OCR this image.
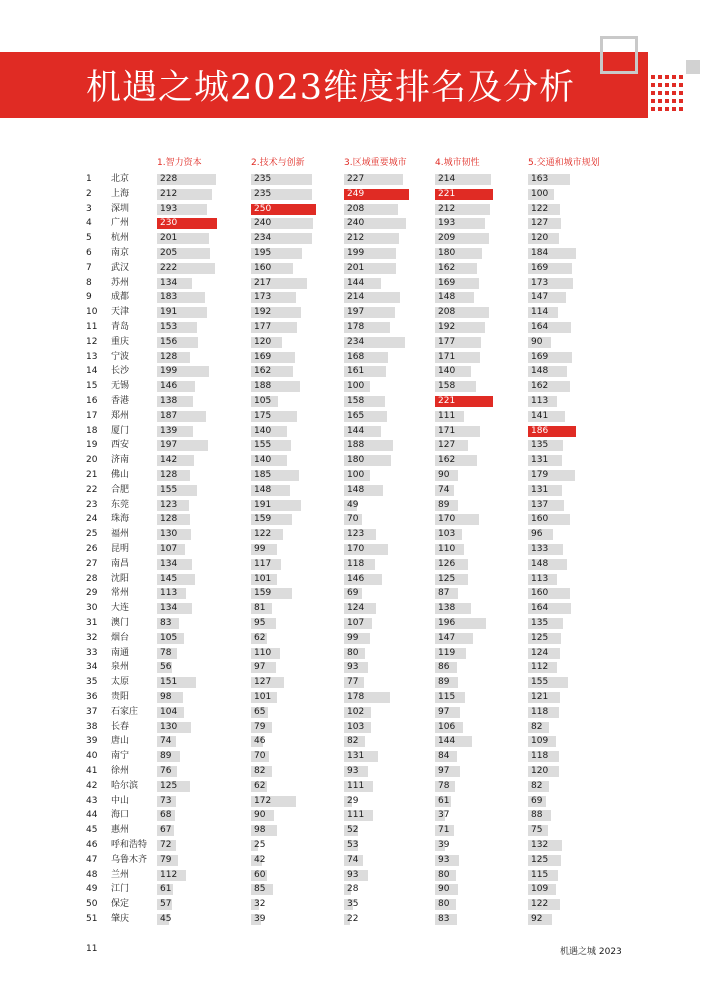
机遇之城2023维度排名及分析
1.智力资本	2.技术与创新	3.区域重要城市	4.城市韧性	5.交通和城市规划
1 北京	228	235	227	214	163
2 上海	212	235	249	221	100
3 深圳	193	250	208	212	122
4 广州	230	240	240	193	127
5 杭州	201	234	212	209	120
6 南京	205	195	199	180	184
7 武汉	222	160	201	162	169
8 苏州	134	217	144	169	173
9 成都	183	173	214	148	147
10 天津	191	192	197	208	114
11 青岛	153	177	178	192	164
12 重庆	156	120	234	177	90
13 宁波	128	169	168	171	169
14 长沙	199	162	161	140	148
15 无锡	146	188	100	158	162
16 香港	138	105	158	221	113
17 郑州	187	175	165	111	141
18 厦门	139	140	144	171	186
19 西安	197	155	188	127	135
20 济南	142	140	180	162	131
21 佛山	128	185	100	90	179
22 合肥	155	148	148	74	131
23 东莞	123	191	49	89	137
24 珠海	128	159	70	170	160
25 福州	130	122	123	103	96
26 昆明	107	99	170	110	133
27 南昌	134	117	118	126	148
28 沈阳	145	101	146	125	113
29 常州	113	159	69	87	160
30 大连	134	81	124	138	164
31 澳门	83	95	107	196	135
32 烟台	105	62	99	147	125
33 南通	78	110	80	119	124
34 泉州	56	97	93	86	112
35 太原	151	127	77	89	155
36 贵阳	98	101	178	115	121
37 石家庄 104	65	102	97	118
38 长春	130	79	103	106	82
39 唐山	74	46	82	144	109
40 南宁	89	70	131	84	118
41 徐州	76	82	93	97	120
42 哈尔滨 125	62	111	78	82
43 中山	73	172	29	61	69
44 海口	68	90	111	37	88
45 惠州	67	98	52	71	75
46 呼和浩特 72	25	53	39	132
47 乌鲁木齐 79	42	74	93	125
48 兰州	112	60	93	80	115
49 江门	61	85	28	90	109
50 保定	57	32	35	80	122
51 肇庆	45	39	22	83	92
11	机遇之城 2023
